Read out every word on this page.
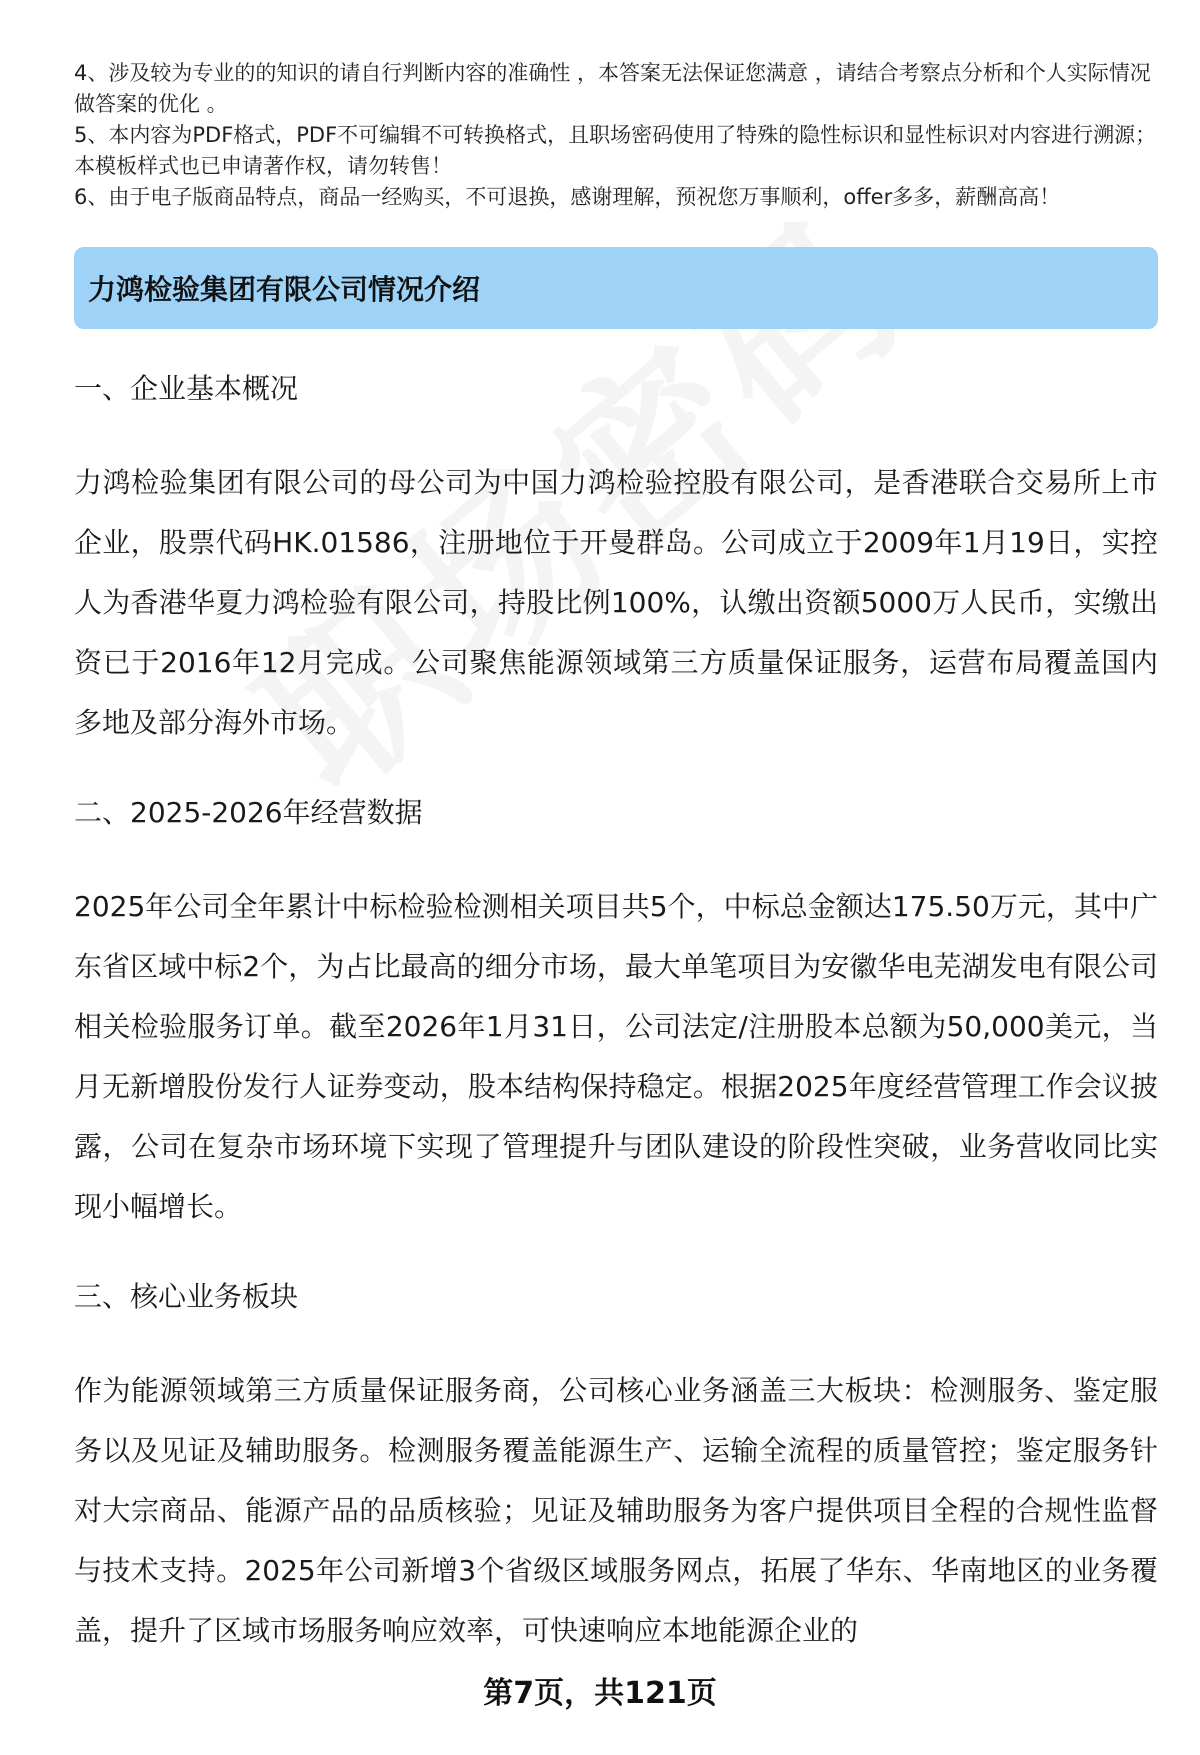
4、涉及较为专业的的知识的请自行判断内容的准确性 ，本答案无法保证您满意 ，请结合考察点分析和个人实际情况做答案的优化 。

5、本内容为PDF格式，PDF不可编辑不可转换格式，且职场密码使用了特殊的隐性标识和显性标识对内容进行溯源；本模板样式也已申请著作权，请勿转售！

6、由于电子版商品特点，商品一经购买，不可退换，感谢理解，预祝您万事顺利，offer多多，薪酬高高！

力鸿检验集团有限公司情况介绍
一、企业基本概况

力鸿检验集团有限公司的母公司为中国力鸿检验控股有限公司，是香港联合交易所上市企业，股票代码HK.01586，注册地位于开曼群岛。公司成立于2009年1月19日，实控人为香港华夏力鸿检验有限公司，持股比例100%，认缴出资额5000万人民币，实缴出资已于2016年12月完成。公司聚焦能源领域第三方质量保证服务，运营布局覆盖国内多地及部分海外市场。

二、2025-2026年经营数据

2025年公司全年累计中标检验检测相关项目共5个，中标总金额达175.50万元，其中广东省区域中标2个，为占比最高的细分市场，最大单笔项目为安徽华电芜湖发电有限公司相关检验服务订单。截至2026年1月31日，公司法定/注册股本总额为50,000美元，当月无新增股份发行人证券变动，股本结构保持稳定。根据2025年度经营管理工作会议披露，公司在复杂市场环境下实现了管理提升与团队建设的阶段性突破，业务营收同比实现小幅增长。

三、核心业务板块

作为能源领域第三方质量保证服务商，公司核心业务涵盖三大板块：检测服务、鉴定服务以及见证及辅助服务。检测服务覆盖能源生产、运输全流程的质量管控；鉴定服务针对大宗商品、能源产品的品质核验；见证及辅助服务为客户提供项目全程的合规性监督与技术支持。2025年公司新增3个省级区域服务网点，拓展了华东、华南地区的业务覆盖，提升了区域市场服务响应效率，可快速响应本地能源企业的

第7页，共121页
